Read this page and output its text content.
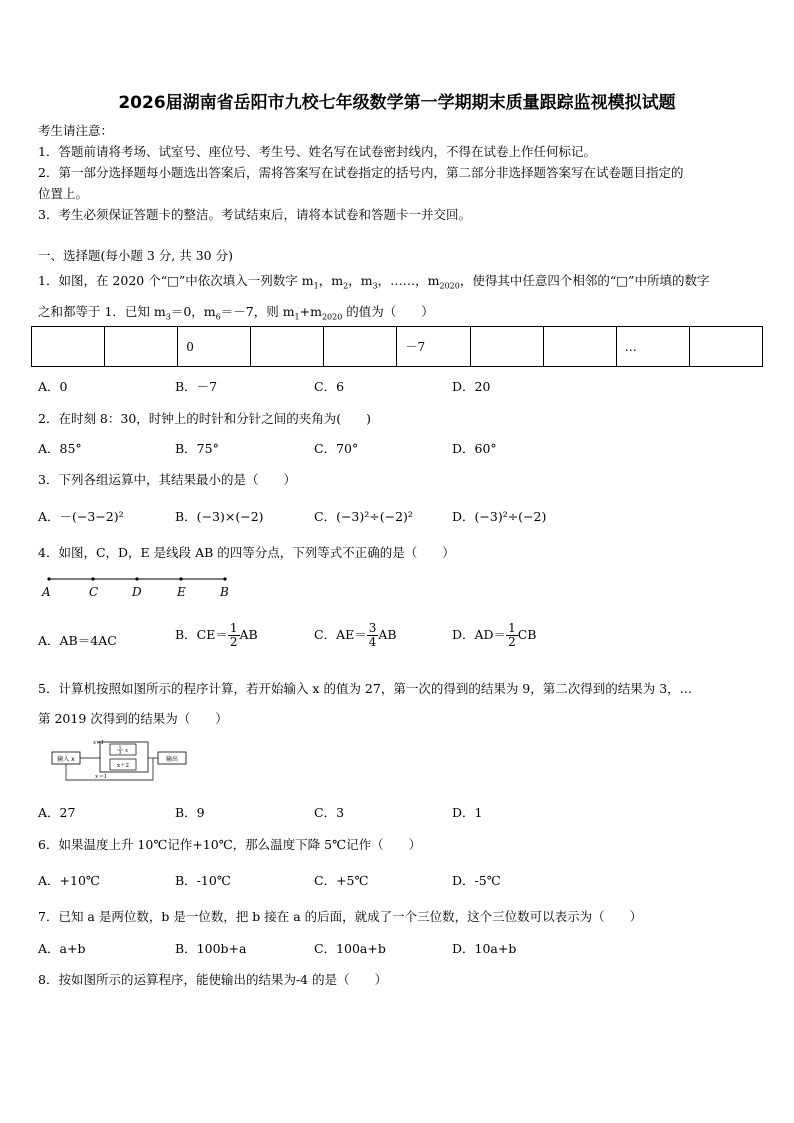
2026届湖南省岳阳市九校七年级数学第一学期期末质量跟踪监视模拟试题
考生请注意：
1．答题前请将考场、试室号、座位号、考生号、姓名写在试卷密封线内，不得在试卷上作任何标记。
2．第一部分选择题每小题选出答案后，需将答案写在试卷指定的括号内，第二部分非选择题答案写在试卷题目指定的
位置上。
3．考生必须保证答题卡的整洁。考试结束后，请将本试卷和答题卡一并交回。
一、选择题(每小题 3 分, 共 30 分)
1．如图，在 2020 个“□”中依次填入一列数字 $m_1$，$m_2$，$m_3$，……，$m_{2020}$，使得其中任意四个相邻的“□”中所填的数字
之和都等于 1．已知 $m_3=0$，$m_6=-7$，则 $m_1+m_{2020}$ 的值为（　　）
		0			－7			…	
A．0	B．－7	C．6	D．20
2．在时刻 8：30，时钟上的时针和分针之间的夹角为(　　)
A．85°	B．75°	C．70°	D．60°
3．下列各组运算中，其结果最小的是（　　）
A．－(−3−2)²	B．(−3)×(−2)	C．(−3)²÷(−2)²	D．(−3)²÷(−2)
4．如图，C，D，E 是线段 AB 的四等分点，下列等式不正确的是（　　）
A	C	D	E	B
A．AB＝4AC	B．$CE= \frac{1}{2}$ AB	C．$AE= \frac{3}{4}$ AB	D．$AD= \frac{1}{2}$ CB
5．计算机按照如图所示的程序计算，若开始输入 x 的值为 27，第一次的得到的结果为 9，第二次得到的结果为 3，…
第 2019 次得到的结果为（　　）
输入 x
x≠1
1
3 x
x＋2
输出
x＝1
A．27	B．9	C．3	D．1
6．如果温度上升 10℃记作+10℃，那么温度下降 5℃记作（　　）
A．+10℃	B．-10℃	C．+5℃	D．-5℃
7．已知 a 是两位数，b 是一位数，把 b 接在 a 的后面，就成了一个三位数，这个三位数可以表示为（　　）
A．a+b	B．100b+a	C．100a+b	D．10a+b
8．按如图所示的运算程序，能使输出的结果为-4 的是（　　）
